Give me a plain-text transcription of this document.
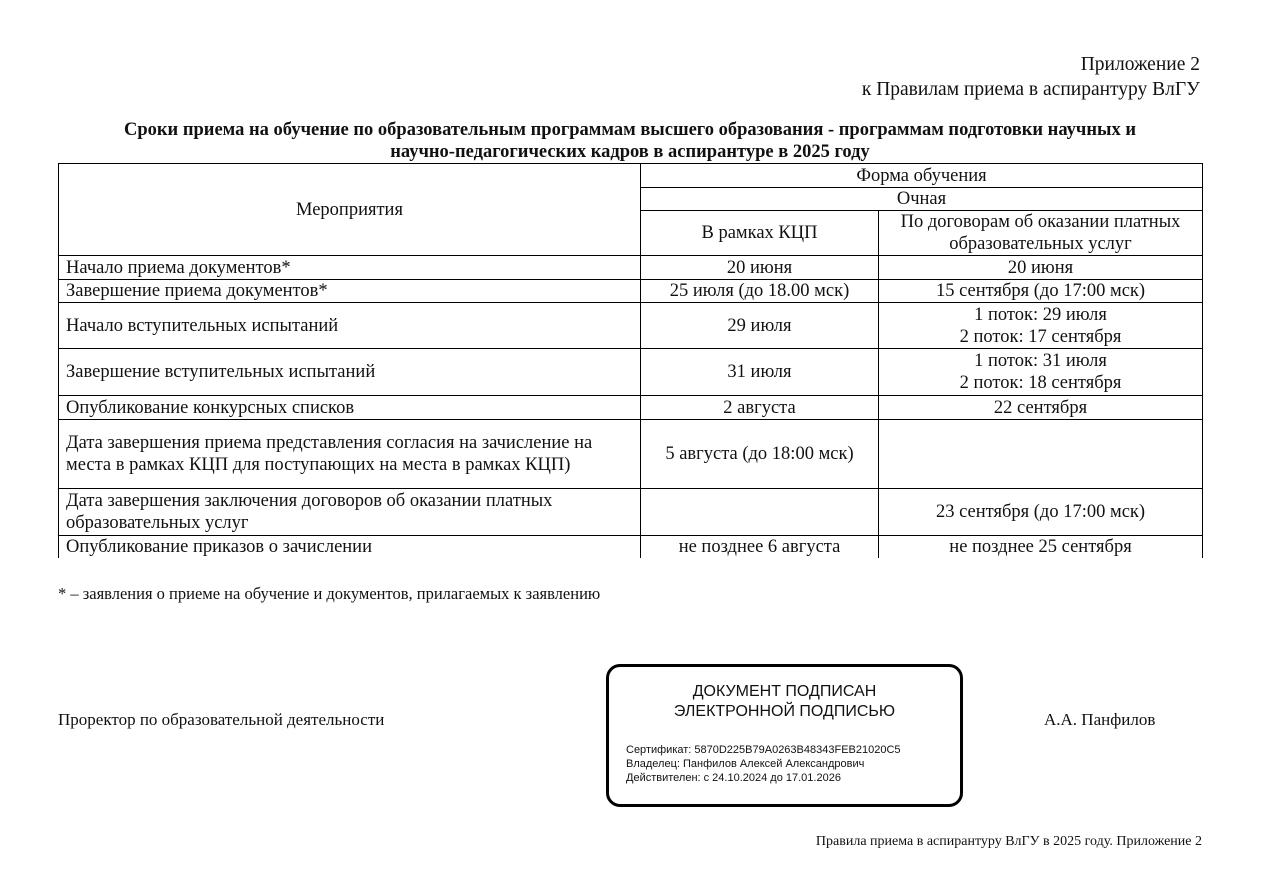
Приложение 2
к Правилам приема в аспирантуру ВлГУ
Сроки приема на обучение по образовательным программам высшего образования - программам подготовки научных и
научно-педагогических кадров в аспирантуре в 2025 году
Мероприятия	Форма обучения	
	Очная	
	В рамках КЦП	По договорам об оказании платных образовательных услуг
Начало приема документов*	20 июня	20 июня
Завершение приема документов*	25 июля (до 18.00 мск)	15 сентября (до 17:00 мск)
Начало вступительных испытаний	29 июля	1 поток: 29 июля
2 поток: 17 сентября

Завершение вступительных испытаний	31 июля	1 поток: 31 июля
2 поток: 18 сентября

Опубликование конкурсных списков	2 августа	22 сентября
Дата завершения приема представления согласия на зачисление на места в рамках КЦП для поступающих на места в рамках КЦП)	5 августа (до 18:00 мск)	
Дата завершения заключения договоров об оказании платных образовательных услуг		23 сентября (до 17:00 мск)
Опубликование приказов о зачислении	не позднее 6 августа	не позднее 25 сентября
* – заявления о приеме на обучение и документов, прилагаемых к заявлению
Проректор по образовательной деятельности
ДОКУМЕНТ ПОДПИСАН
ЭЛЕКТРОННОЙ ПОДПИСЬЮ
Сертификат: 5870D225B79A0263B48343FEB21020C5
Владелец: Панфилов Алексей Александрович
Действителен: с 24.10.2024 до 17.01.2026
А.А. Панфилов
Правила приема в аспирантуру ВлГУ в 2025 году. Приложение 2
